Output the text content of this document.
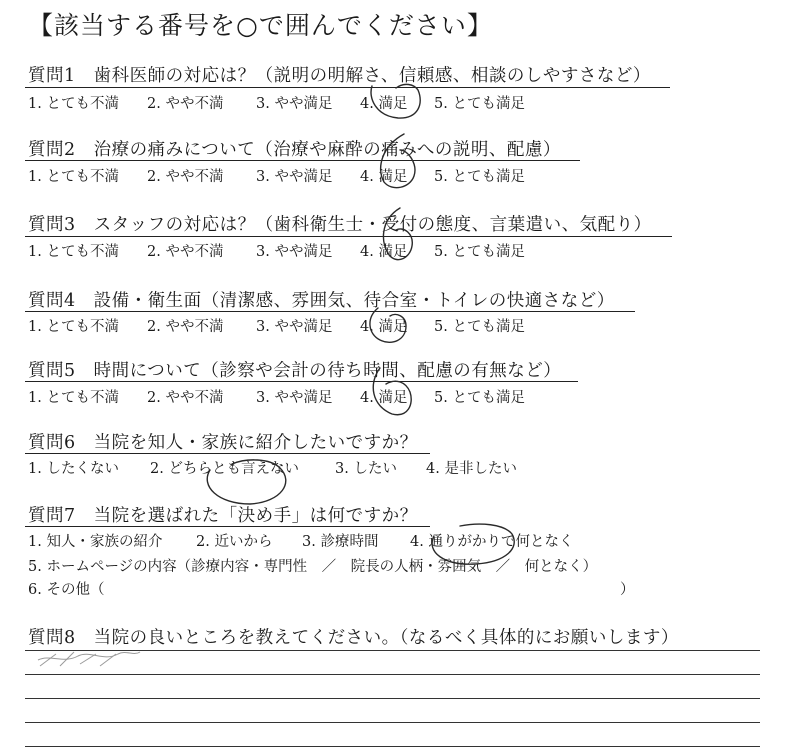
【該当する番号を○で囲んでください】
質問1　歯科医師の対応は？（説明の明解さ、信頼感、相談のしやすさなど）
1. とても不満 2. やや不満 3. やや満足 4. 満足 5. とても満足
質問2　治療の痛みについて（治療や麻酔の痛みへの説明、配慮）
1. とても不満 2. やや不満 3. やや満足 4. 満足 5. とても満足
質問3　スタッフの対応は？（歯科衛生士・受付の態度、言葉遣い、気配り）
1. とても不満 2. やや不満 3. やや満足 4. 満足 5. とても満足
質問4　設備・衛生面（清潔感、雰囲気、待合室・トイレの快適さなど）
1. とても不満 2. やや不満 3. やや満足 4. 満足 5. とても満足
質問5　時間について（診察や会計の待ち時間、配慮の有無など）
1. とても不満 2. やや不満 3. やや満足 4. 満足 5. とても満足
質問6　当院を知人・家族に紹介したいですか？
1. したくない 2. どちらとも言えない 3. したい 4. 是非したい
質問7　当院を選ばれた「決め手」は何ですか？
1. 知人・家族の紹介 2. 近いから 3. 診療時間 4. 通りがかりで何となく
5. ホームページの内容（診療内容・専門性　／　院長の人柄・雰囲気　／　何となく）
6. その他（	）
質問8　当院の良いところを教えてください。（なるべく具体的にお願いします）
